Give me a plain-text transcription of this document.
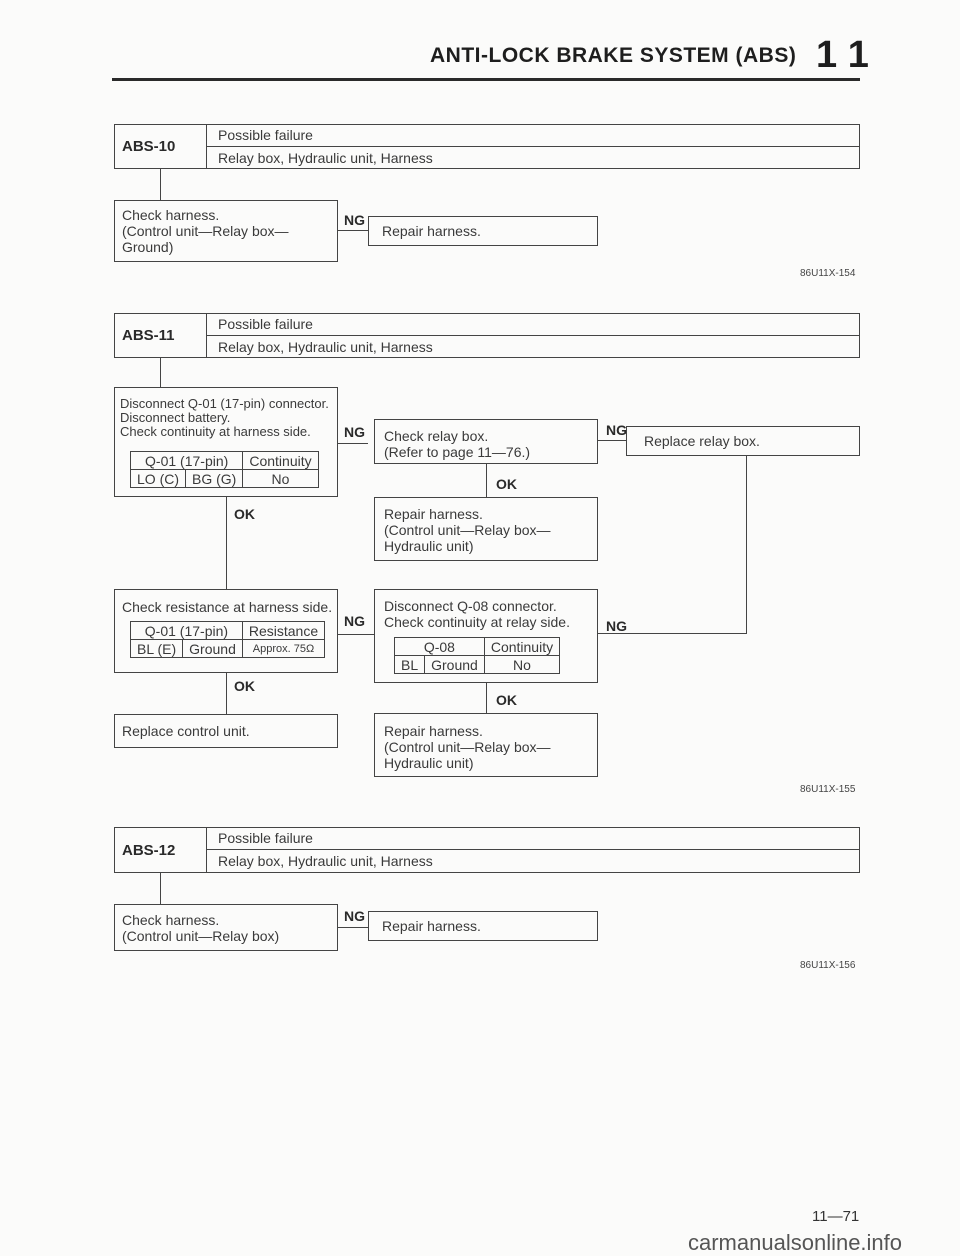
ANTI-LOCK BRAKE SYSTEM (ABS) 1 1
ABS-10
Possible failure
Relay box, Hydraulic unit, Harness
Check harness.
(Control unit—Relay box—
Ground)
NG
Repair harness.
86U11X-154
ABS-11
Possible failure
Relay box, Hydraulic unit, Harness
Disconnect Q-01 (17-pin) connector.
Disconnect battery.
Check continuity at harness side.
Q-01 (17-pin)		Continuity
LO (C)	BG (G)	No
NG Check relay box.
(Refer to page 11—76.)
NG
Replace relay box.
OK
Repair harness.
(Control unit—Relay box—
Hydraulic unit)
OK
Check resistance at harness side.
Q-01 (17-pin)		Resistance
BL (E)	Ground	Approx. 75Ω
NG
Disconnect Q-08 connector.
Check continuity at relay side.
Q-08		Continuity
BL	Ground	No
NG
OK
Replace control unit.
OK
Repair harness.
(Control unit—Relay box—
Hydraulic unit)
86U11X-155
ABS-12
Possible failure
Relay box, Hydraulic unit, Harness
Check harness.
(Control unit—Relay box)
NG
Repair harness.
86U11X-156
11—71
carmanualsonline.info
